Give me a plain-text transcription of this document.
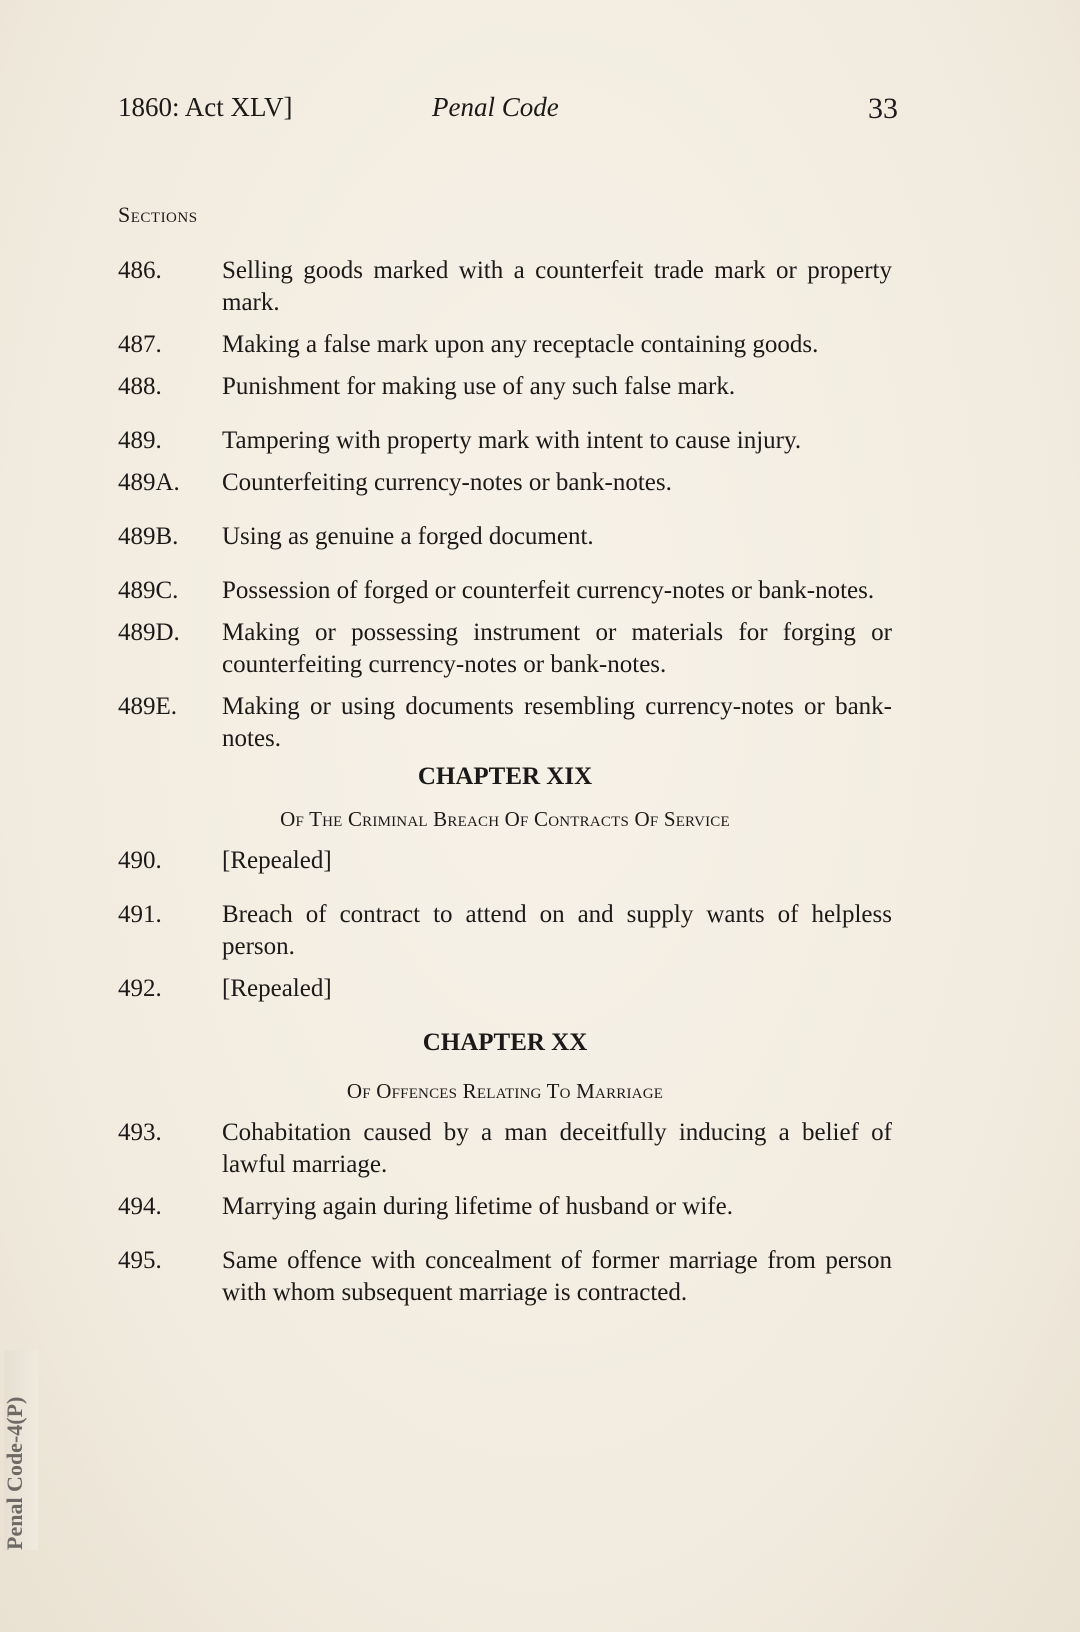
1860: Act XLV]	Penal Code	33
Sections
486.	Selling goods marked with a counterfeit trade mark or property mark.
487.	Making a false mark upon any receptacle containing goods.
488.	Punishment for making use of any such false mark.
489.	Tampering with property mark with intent to cause injury.
489A.	Counterfeiting currency-notes or bank-notes.
489B.	Using as genuine a forged document.
489C.	Possession of forged or counterfeit currency-notes or bank-notes.
489D.	Making or possessing instrument or materials for forging or counterfeiting currency-notes or bank-notes.
489E.	Making or using documents resembling currency-notes or bank-notes.
CHAPTER XIX
Of The Criminal Breach Of Contracts Of Service
490.	[Repealed]
491.	Breach of contract to attend on and supply wants of helpless person.
492.	[Repealed]
CHAPTER XX
Of Offences Relating To Marriage
493.	Cohabitation caused by a man deceitfully inducing a belief of lawful marriage.
494.	Marrying again during lifetime of husband or wife.
495.	Same offence with concealment of former marriage from person with whom subsequent marriage is contracted.
Penal Code-4(P)
